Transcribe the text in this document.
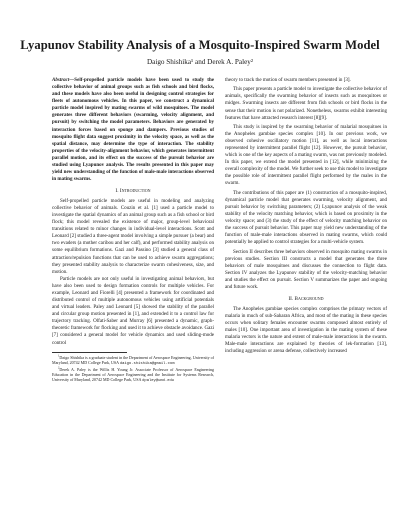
Lyapunov Stability Analysis of a Mosquito-Inspired Swarm Model
Daigo Shishika¹ and Derek A. Paley²

Abstract—Self-propelled particle models have been used to study the collective behavior of animal groups such as fish schools and bird flocks, and these models have also been useful in designing control strategies for fleets of autonomous vehicles. In this paper, we construct a dynamical particle model inspired by mating swarms of wild mosquitoes. The model generates three different behaviors (swarming, velocity alignment, and pursuit) by switching the model parameters. Behaviors are generated by interaction forces based on sponge and dampers. Previous studies of mosquito flight data suggest proximity in the velocity space, as well as the spatial distance, may determine the type of interaction. The stability properties of the velocity-alignment behavior, which generates intermittent parallel motion, and its effect on the success of the pursuit behavior are studied using Lyapunov analysis. The results presented in this paper may yield new understanding of the function of male-male interactions observed in mating swarms.

I. Introduction

Self-propelled particle models are useful in modeling and analyzing collective behavior of animals. Couzin et al. [1] used a particle model to investigate the spatial dynamics of an animal group such as a fish school or bird flock; this model revealed the existence of major, group-level behavioral transitions related to minor changes in individual-level interactions. Scott and Leonard [2] studied a three-agent model involving a simple pursuer (a bear) and two evaders (a mother caribou and her calf), and performed stability analysis on some equilibrium formations. Gazi and Passino [3] studied a general class of attraction/repulsion functions that can be used to achieve swarm aggregations; they presented stability analysis to characterize swarm cohesiveness, size, and motion.

Particle models are not only useful in investigating animal behaviors, but have also been used to design formation controls for multiple vehicles. For example, Leonard and Fiorelli [4] presented a framework for coordinated and distributed control of multiple autonomous vehicles using artificial potentials and virtual leaders. Paley and Leonard [5] showed the stability of the parallel and circular group motion presented in [1], and extended it to a control law for trajectory tracking. Olfati-Saber and Murray [6] presented a dynamic, graph-theoretic framework for flocking and used it to achieve obstacle avoidance. Gazi [7] considered a general model for vehicle dynamics and used sliding-mode control

$^1$Daigo Shishika is a graduate student in the Department of Aerospace Engineering, University of Maryland, 20742 MD College Park, USA daigo.shishika@gmail.com

$^2$Derek A. Paley is the Willis H. Young Jr. Associate Professor of Aerospace Engineering Education in the Department of Aerospace Engineering and the Institute for Systems Research, University of Maryland, 20742 MD College Park, USA dpaley@umd.edu

theory to track the motion of swarm members presented in [3].

This paper presents a particle model to investigate the collective behavior of animals, specifically the swarming behavior of insects such as mosquitoes or midges. Swarming insects are different from fish schools or bird flocks in the sense that their motion is not polarized. Nonetheless, swarms exhibit interesting features that have attracted research interest [8][9].

This study is inspired by the swarming behavior of malarial mosquitoes in the Anopheles gambiae species complex [10]. In our previous work, we observed cohesive oscillatory motion [11], as well as local interactions represented by intermittent parallel flight [12]. However, the pursuit behavior, which is one of the key aspects of a mating swarm, was not previously modeled. In this paper, we extend the model presented in [12], while minimizing the overall complexity of the model. We further seek to use this model to investigate the possible role of intermittent parallel flight performed by the males in the swarm.

The contributions of this paper are (1) construction of a mosquito-inspired, dynamical particle model that generates swarming, velocity alignment, and pursuit behavior by switching parameters; (2) Lyapunov analysis of the weak stability of the velocity matching behavior, which is based on proximity in the velocity space; and (3) the study of the effect of velocity matching behavior on the success of pursuit behavior. This paper may yield new understanding of the function of male-male interactions observed in mating swarms, which could potentially be applied to control strategies for a multi-vehicle system.

Section II describes three behaviors observed in mosquito mating swarms in previous studies. Section III constructs a model that generates the three behaviors of male mosquitoes and discusses the connection to flight data. Section IV analyzes the Lyapunov stability of the velocity-matching behavior and studies the effect on pursuit. Section V summarizes the paper and ongoing and future work.

II. Background

The Anopheles gambiae species complex comprises the primary vectors of malaria in much of sub-Saharan Africa, and most of the mating in these species occurs when solitary females encounter swarms composed almost entirely of males [10]. One important area of investigation in the mating system of these malaria vectors is the nature and extent of male-male interactions in the swarm. Male-male interactions are explained by theories of lek-formation [13], including aggression or arena defense, collectively increased
